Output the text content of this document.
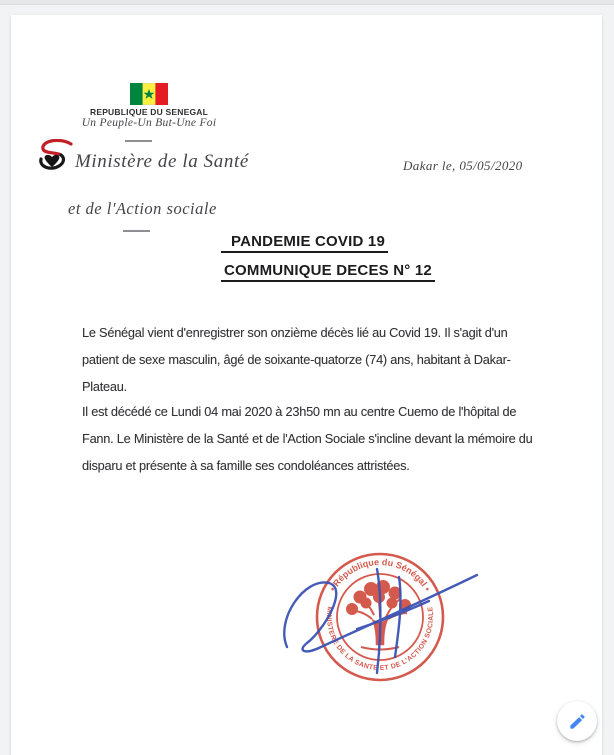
REPUBLIQUE DU SENEGAL
Un Peuple-Un But-Une Foi
Ministère de la Santé	Dakar le, 05/05/2020
et de l'Action sociale
PANDEMIE COVID 19
COMMUNIQUE DECES N° 12
Le Sénégal vient d'enregistrer son onzième décès lié au Covid 19. Il s'agit d'un
patient de sexe masculin, âgé de soixante-quatorze (74) ans, habitant à Dakar-
Plateau.
Il est décédé ce Lundi 04 mai 2020 à 23h50 mn au centre Cuemo de l'hôpital de
Fann. Le Ministère de la Santé et de l'Action Sociale s'incline devant la mémoire du
disparu et présente à sa famille ses condoléances attristées.
• République du Sénégal •
MINISTERE DE LA SANTE ET DE L'ACTION SOCIALE
